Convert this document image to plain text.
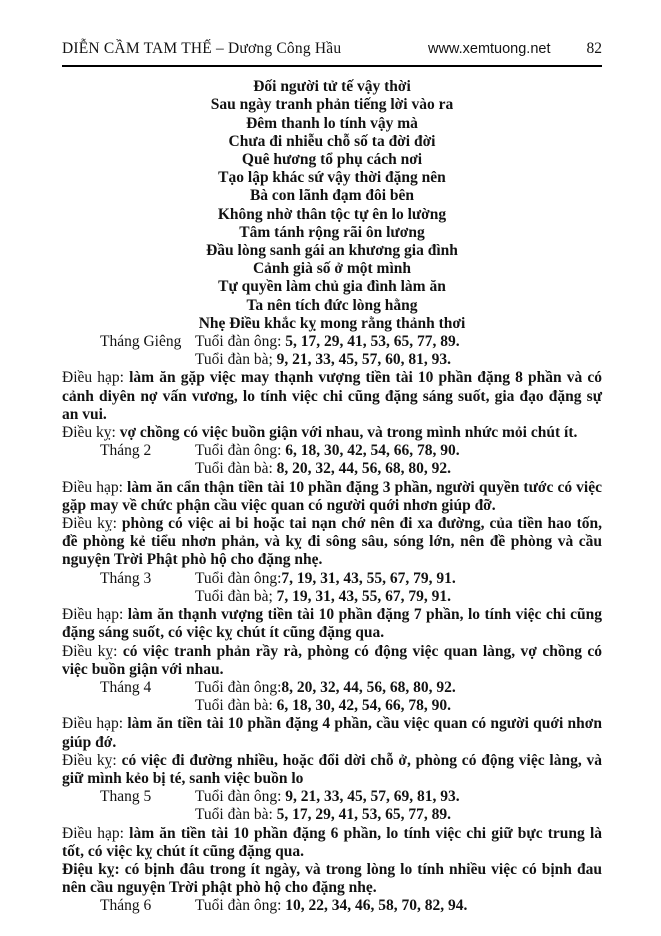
DIỄN CẦM TAM THẾ – Dương Công Hầu	www.xemtuong.net 82
Đối người tử tế vậy thời
Sau ngày tranh phản tiếng lời vào ra
Đêm thanh lo tính vậy mà
Chưa đi nhiễu chỗ số ta đời đời
Quê hương tổ phụ cách nơi
Tạo lập khác sứ vậy thời đặng nên
Bà con lãnh đạm đôi bên
Không nhờ thân tộc tự ên lo lường
Tâm tánh rộng rãi ôn lương
Đầu lòng sanh gái an khương gia đình
Cảnh già số ở một mình
Tự quyền làm chủ gia đình làm ăn
Ta nên tích đức lòng hằng
Nhẹ Điều khắc kỵ mong rằng thảnh thơi
Tháng Giêng Tuổi đàn ông: 5, 17, 29, 41, 53, 65, 77, 89.
Tuổi đàn bà; 9, 21, 33, 45, 57, 60, 81, 93.

Điều hạp: làm ăn gặp việc may thạnh vượng tiền tài 10 phần đặng 8 phần và có cảnh diyên nợ vấn vương, lo tính việc chi cũng đặng sáng suốt, gia đạo đặng sự an vui.

Điều kỵ: vợ chồng có việc buồn giận với nhau, và trong mình nhức mỏi chút ít.

Tháng 2	Tuổi đàn ông: 6, 18, 30, 42, 54, 66, 78, 90.
Tuổi đàn bà: 8, 20, 32, 44, 56, 68, 80, 92.

Điều hạp: làm ăn cẩn thận tiền tài 10 phần đặng 3 phần, người quyền tước có việc gặp may về chức phận cầu việc quan có người quới nhơn giúp đỡ.

Điều kỵ: phòng có việc ai bi hoặc tai nạn chớ nên đi xa đường, của tiền hao tốn, đề phòng kẻ tiểu nhơn phản, và kỵ đi sông sâu, sóng lớn, nên đề phòng và cầu nguyện Trời Phật phò hộ cho đặng nhẹ.

Tháng 3	Tuổi đàn ông:7, 19, 31, 43, 55, 67, 79, 91.
Tuổi đàn bà; 7, 19, 31, 43, 55, 67, 79, 91.

Điều hạp: làm ăn thạnh vượng tiền tài 10 phần đặng 7 phần, lo tính việc chi cũng đặng sáng suốt, có việc kỵ chút ít cũng đặng qua.

Điều kỵ: có việc tranh phản rầy rà, phòng có động việc quan làng, vợ chồng có việc buồn giận với nhau.

Tháng 4	Tuổi đàn ông:8, 20, 32, 44, 56, 68, 80, 92.
Tuổi đàn bà: 6, 18, 30, 42, 54, 66, 78, 90.

Điều hạp: làm ăn tiền tài 10 phần đặng 4 phần, cầu việc quan có người quới nhơn giúp đớ.

Điều kỵ: có việc đi đường nhiều, hoặc đổi dời chỗ ở, phòng có động việc làng, và giữ mình kẻo bị té, sanh việc buồn lo

Thang 5	Tuổi đàn ông: 9, 21, 33, 45, 57, 69, 81, 93.
Tuổi đàn bà: 5, 17, 29, 41, 53, 65, 77, 89.

Điều hạp: làm ăn tiền tài 10 phần đặng 6 phần, lo tính việc chi giữ bực trung là tốt, có việc kỵ chút ít cũng đặng qua.

Điệu kỵ: có bịnh đâu trong ít ngày, và trong lòng lo tính nhiều việc có bịnh đau nên cầu nguyện Trời phật phò hộ cho đặng nhẹ.

Tháng 6	Tuổi đàn ông: 10, 22, 34, 46, 58, 70, 82, 94.
